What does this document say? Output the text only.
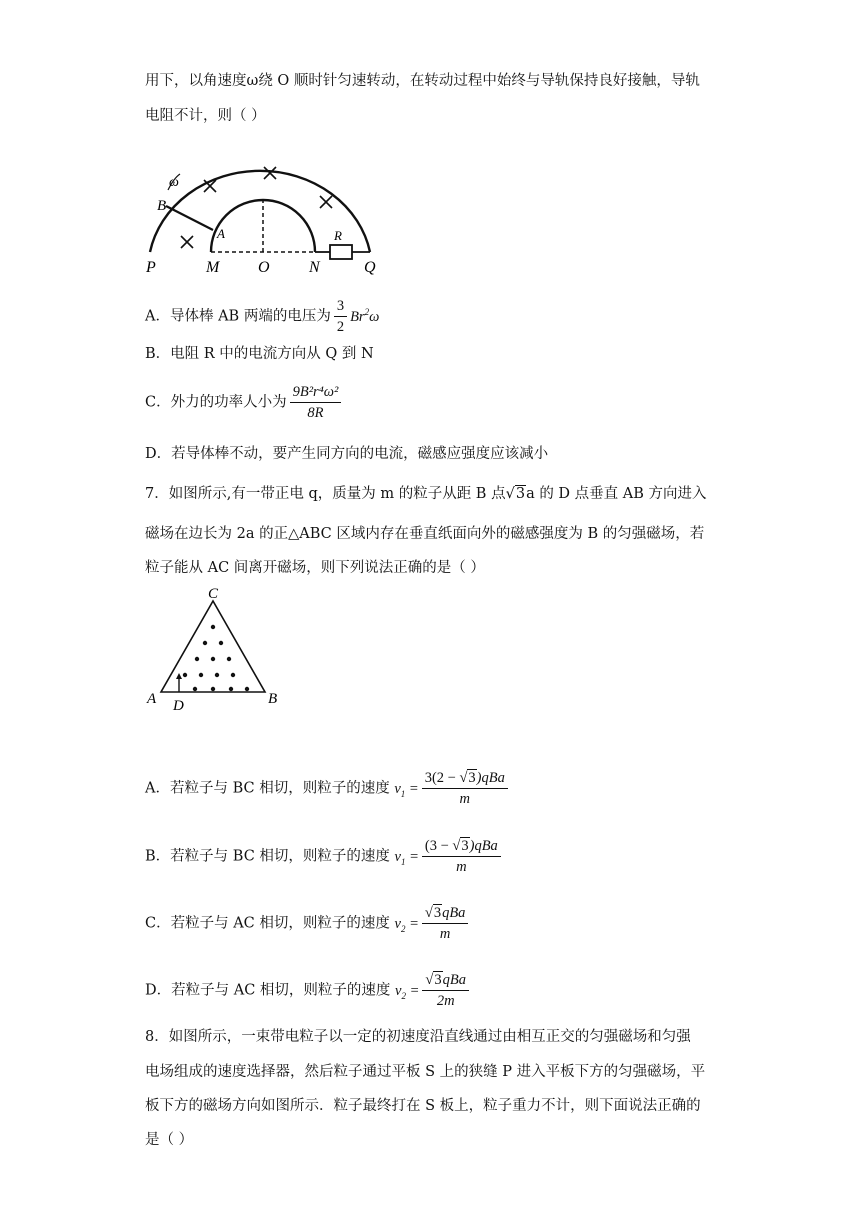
用下，以角速度ω绕 O 顺时针匀速转动，在转动过程中始终与导轨保持良好接触，导轨
电阻不计，则（ ）
ω
B
A	R
P	M O N	Q
A．导体棒 AB 两端的电压为 $\frac{3}{2} Br^2\omega$
B．电阻 R 中的电流方向从 Q 到 N
C．外力的功率人小为 $\frac{\text{9B²r⁴ω²}}{8R}$
D．若导体棒不动，要产生同方向的电流，磁感应强度应该减小
7．如图所示,有一带正电 q，质量为 m 的粒子从距 B 点√3a 的 D 点垂直 AB 方向进入
磁场在边长为 2a 的正△ABC 区域内存在垂直纸面向外的磁感强度为 B 的匀强磁场，若
粒子能从 AC 间离开磁场，则下列说法正确的是（ ）
C
A	B
D
A．若粒子与 BC 相切，则粒子的速度 $v_1 = \frac{\text{3(2 − √3)qBa}}{m}$
B．若粒子与 BC 相切，则粒子的速度 $v_1 = \frac{\text{(3 − √3)qBa}}{m}$
C．若粒子与 AC 相切，则粒子的速度 $v_2 = \frac{\text{√3qBa}}{m}$
D．若粒子与 AC 相切，则粒子的速度 $v_2 = \frac{\text{√3qBa}}{2m}$
8．如图所示，一束带电粒子以一定的初速度沿直线通过由相互正交的匀强磁场和匀强
电场组成的速度选择器，然后粒子通过平板 S 上的狭缝 P 进入平板下方的匀强磁场，平
板下方的磁场方向如图所示．粒子最终打在 S 板上，粒子重力不计，则下面说法正确的
是（ ）
